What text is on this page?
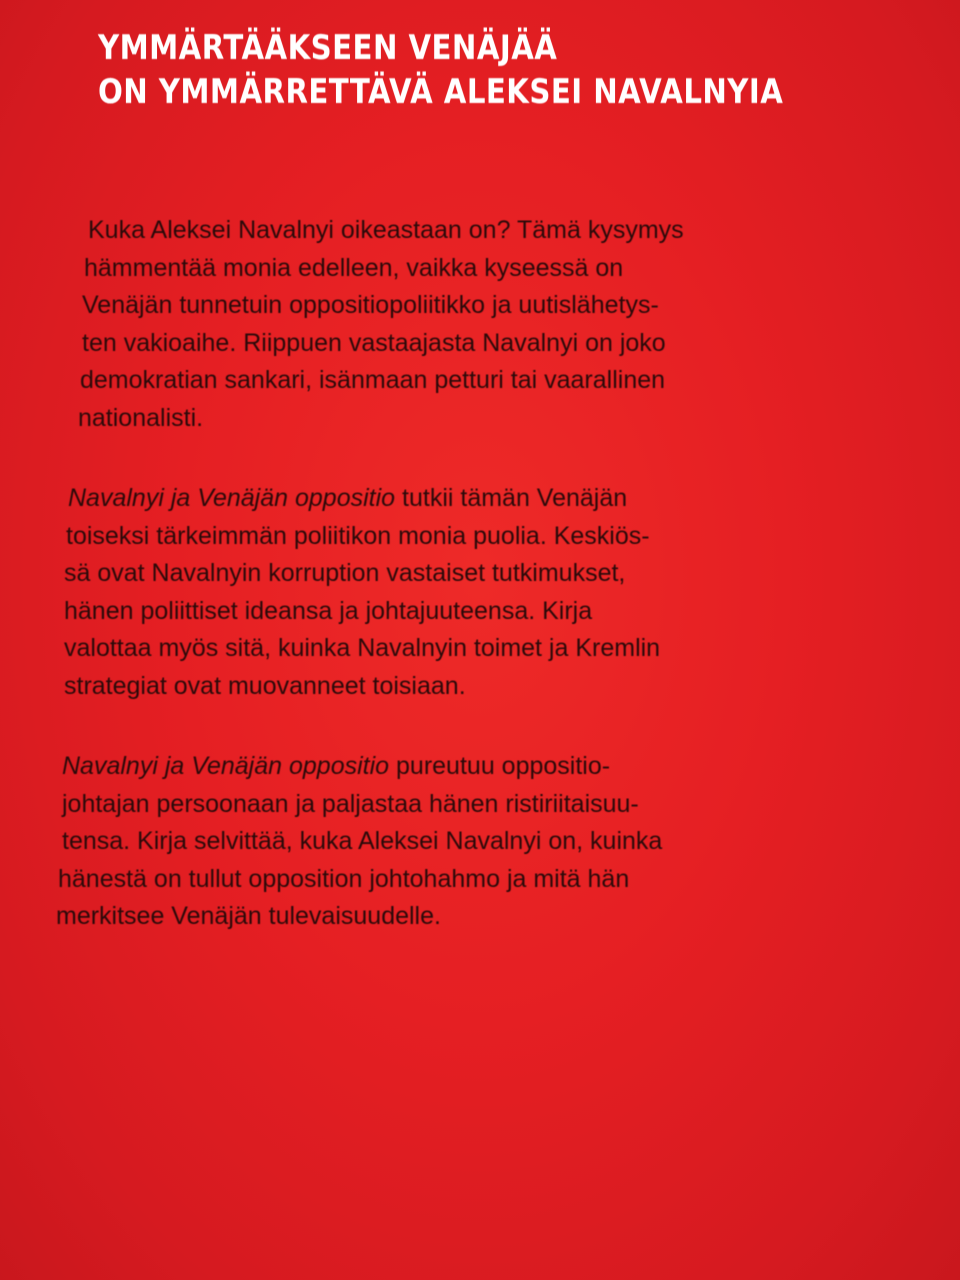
YMMÄRTÄÄKSEEN VENÄJÄÄ
ON YMMÄRRETTÄVÄ ALEKSEI NAVALNYIA

Kuka Aleksei Navalnyi oikeastaan on? Tämä kysymys
hämmentää monia edelleen, vaikka kyseessä on
Venäjän tunnetuin oppositiopoliitikko ja uutislähetys-
ten vakioaihe. Riippuen vastaajasta Navalnyi on joko
demokratian sankari, isänmaan petturi tai vaarallinen
nationalisti.

Navalnyi ja Venäjän oppositio tutkii tämän Venäjän
toiseksi tärkeimmän poliitikon monia puolia. Keskiös-
sä ovat Navalnyin korruption vastaiset tutkimukset,
hänen poliittiset ideansa ja johtajuuteensa. Kirja
valottaa myös sitä, kuinka Navalnyin toimet ja Kremlin
strategiat ovat muovanneet toisiaan.

Navalnyi ja Venäjän oppositio pureutuu oppositio-
johtajan persoonaan ja paljastaa hänen ristiriitaisuu-
tensa. Kirja selvittää, kuka Aleksei Navalnyi on, kuinka
hänestä on tullut opposition johtohahmo ja mitä hän
merkitsee Venäjän tulevaisuudelle.
